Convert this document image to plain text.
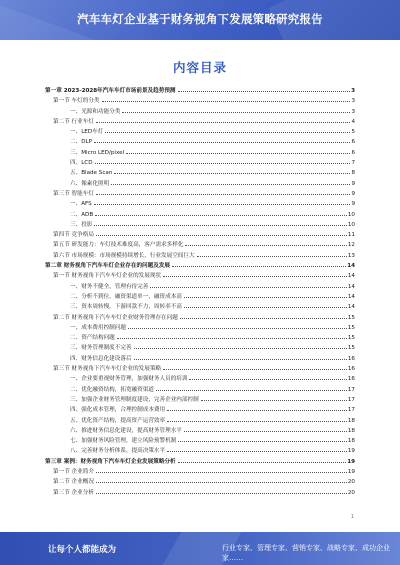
汽车车灯企业基于财务视角下发展策略研究报告
内容目录
第一章 2023-2028年汽车车灯市场前景及趋势预测	3
第一节 车灯的分类	3
一、光源和功能分类	3
第二节 行业车灯	4
一、LED车灯	5
二、DLP	6
三、Micro LED/pixel	6
四、LCD	7
五、Blade Scan	8
六、像素化照明	9
第三节 智能车灯	9
一、AFS	9
二、ADB	10
三、投影	10
第四节 竞争格局	11
第五节 研发能力：车灯技术难度高，客户需求多样化	12
第六节 市场规模：市场规模持续增长，行业发展空间巨大	13
第二章 财务视角下汽车车灯企业存在的问题及发展	14
第一节 财务视角下汽车车灯企业的发展现状	14
一、财务不健全，管理有待完善	14
二、分析不到位，融资渠道单一，融资成本高	14
三、资本周转慢，下游回款不力，周转率不高	14
第二节 财务视角下汽车车灯企业财务管理存在问题	15
一、成本费用控制问题	15
二、资产结构问题	15
三、财务管理制度不完善	15
四、财务信息化建设落后	16
第三节 财务视角下汽车车灯企业的发展策略	16
一、企业要重视财务管理，加强财务人员的培训	16
二、优化融资结构，拓宽融资渠道	17
三、加强企业财务管理制度建设，完善企业内部控制	17
四、强化成本管理，合理控制成本费用	17
五、优化资产结构，提高资产运营效率	18
六、推进财务信息化建设，提高财务管理水平	18
七、加强财务风险管理，建立风险预警机制	18
八、完善财务分析体系，提高决策水平	19
第三章 案例：财务视角下汽车车灯企业发展策略分析	19
第一节 企业简介	19
第二节 企业概况	20
第三节 企业分析	20
1
让每个人都能成为	行业专家、管理专家、营销专家、战略专家、成功企业家……
